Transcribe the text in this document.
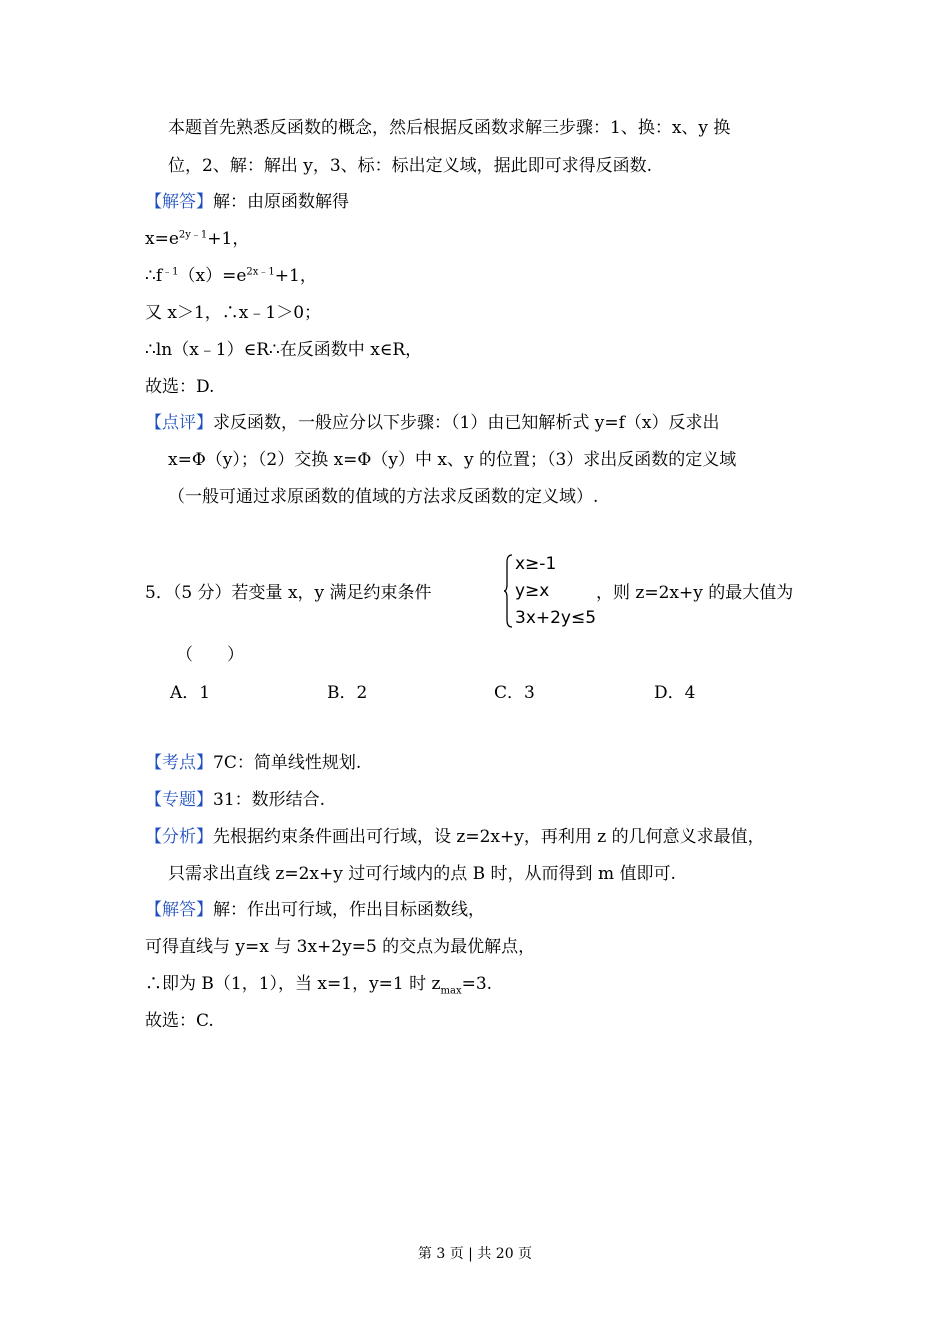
本题首先熟悉反函数的概念，然后根据反函数求解三步骤：1、换：x、y 换
位，2、解：解出 y，3、标：标出定义域，据此即可求得反函数.
【解答】解：由原函数解得
$x=e^{2y﹣1}+1$，
$\therefore f^{﹣1}(x)=e^{2x﹣1}+1$，
又 x＞1，∴x﹣1＞0；
∴ln（x﹣1）∈R∴在反函数中 x∈R，
故选：D.
【点评】求反函数，一般应分以下步骤：（1）由已知解析式 y=f（x）反求出
x=Φ（y）；（2）交换 x=Φ（y）中 x、y 的位置；（3）求出反函数的定义域
（一般可通过求原函数的值域的方法求反函数的定义域）.
5．（5 分）若变量 x，y 满足约束条件
x≥-1
y≥x
3x+2y≤5
，则 z=2x+y 的最大值为
（　　）
A．1	B．2	C．3	D．4
【考点】7C：简单线性规划.
【专题】31：数形结合.
【分析】先根据约束条件画出可行域，设 z=2x+y，再利用 z 的几何意义求最值，
只需求出直线 z=2x+y 过可行域内的点 B 时，从而得到 m 值即可.
【解答】解：作出可行域，作出目标函数线，
可得直线与 y=x 与 3x+2y=5 的交点为最优解点，
∴即为 B（1，1），当 x=1，y=1 时 $z_{max}=3$.
故选：C.
第 3 页 | 共 20 页
